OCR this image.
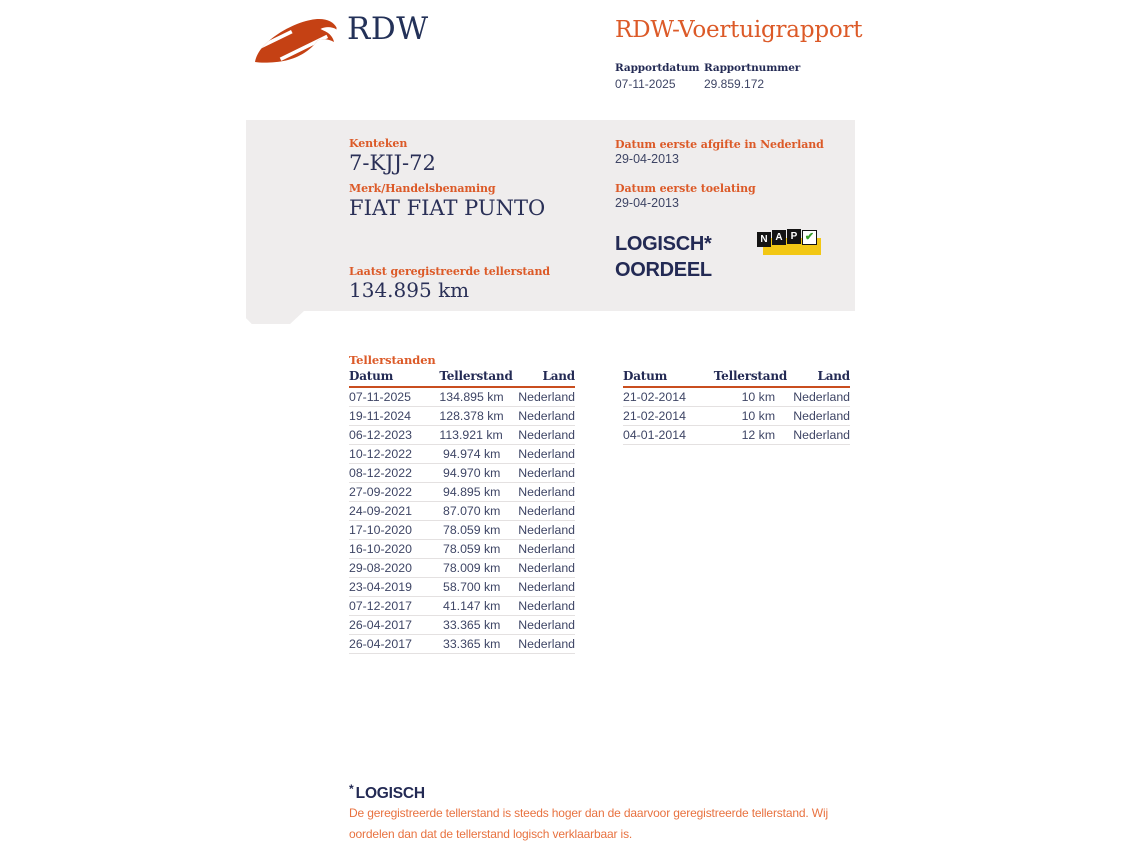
RDW	RDW-Voertuigrapport
Rapportdatum Rapportnummer
07-11-2025 29.859.172
Kenteken
7-KJJ-72
Merk/Handelsbenaming
FIAT FIAT PUNTO
Laatst geregistreerde tellerstand
134.895 km
Datum eerste afgifte in Nederland
29-04-2013
Datum eerste toelating
29-04-2013
LOGISCH*
OORDEEL
N A P ✔
Tellerstanden
Datum	Tellerstand	Land
07-11-2025	134.895 km	Nederland
19-11-2024	128.378 km	Nederland
06-12-2023	113.921 km	Nederland
10-12-2022	94.974 km	Nederland
08-12-2022	94.970 km	Nederland
27-09-2022	94.895 km	Nederland
24-09-2021	87.070 km	Nederland
17-10-2020	78.059 km	Nederland
16-10-2020	78.059 km	Nederland
29-08-2020	78.009 km	Nederland
23-04-2019	58.700 km	Nederland
07-12-2017	41.147 km	Nederland
26-04-2017	33.365 km	Nederland
26-04-2017	33.365 km	Nederland
Datum	Tellerstand	Land
21-02-2014	10 km	Nederland
21-02-2014	10 km	Nederland
04-01-2014	12 km	Nederland
* LOGISCH
De geregistreerde tellerstand is steeds hoger dan de daarvoor geregistreerde tellerstand. Wij oordelen dan dat de tellerstand logisch verklaarbaar is.
